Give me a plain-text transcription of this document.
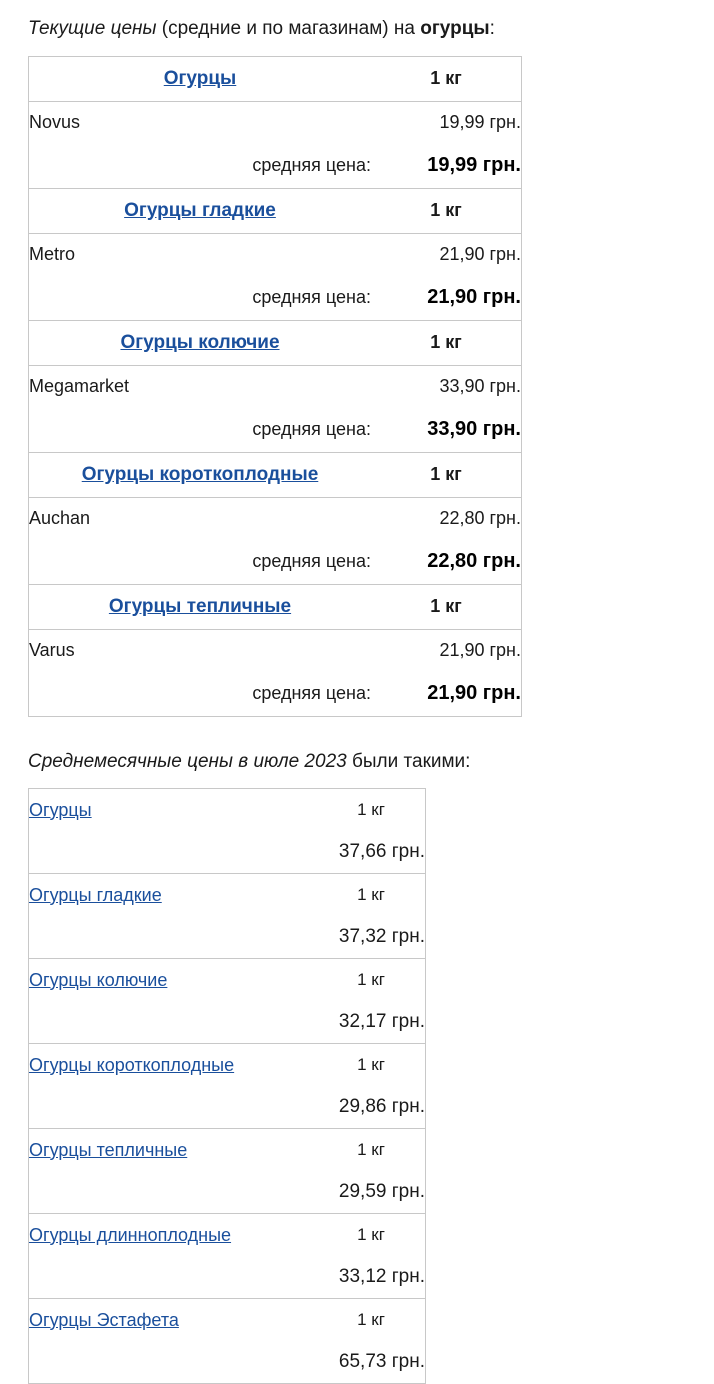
Текущие цены (средние и по магазинам) на огурцы:

Огурцы	1 кг
Novus	19,99 грн.
средняя цена:	19,99 грн.
Огурцы гладкие	1 кг
Metro	21,90 грн.
средняя цена:	21,90 грн.
Огурцы колючие	1 кг
Megamarket	33,90 грн.
средняя цена:	33,90 грн.
Огурцы короткоплодные	1 кг
Auchan	22,80 грн.
средняя цена:	22,80 грн.
Огурцы тепличные	1 кг
Varus	21,90 грн.
средняя цена:	21,90 грн.

Среднемесячные цены в июле 2023 были такими:

Огурцы	1 кг
37,66 грн.	
Огурцы гладкие	1 кг
37,32 грн.	
Огурцы колючие	1 кг
32,17 грн.	
Огурцы короткоплодные	1 кг
29,86 грн.	
Огурцы тепличные	1 кг
29,59 грн.	
Огурцы длинноплодные	1 кг
33,12 грн.	
Огурцы Эстафета	1 кг
65,73 грн.	
